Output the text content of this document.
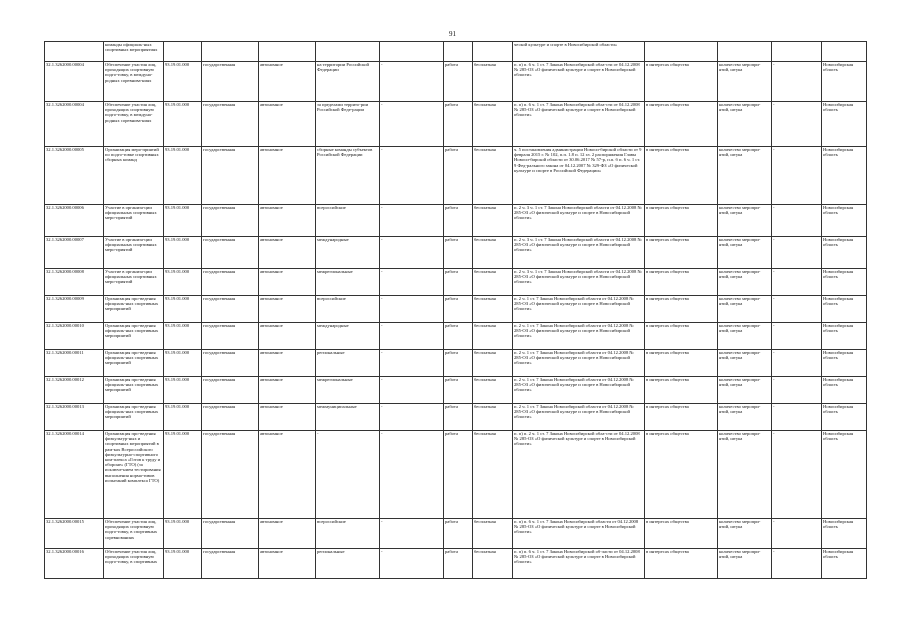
91
	команды официаль-ных спортивных мероприятиях								ческой культуре и спорте в Новосибирской области»				
32.1.3262000.00004	Обеспечение участия лиц, проходящих спортивную подго-товку, в междуна-родных соревнова-ниях	93.19.01.000	государственная	автономное	на территории Российской Федерации	-	работа	бесплатная	п. п) п. 6 ч. 1 ст. 7 Закона Новосибирской обла-сти от 04.12.2008 № 285-ОЗ «О физической культуре и спорте в Новосибирской области»	в интересах общества	количество меропри-ятий, штука	-	Новосибирская область
32.1.3262000.00004	Обеспечение участия лиц, проходящих спортивную подго-товку, в междуна-родных соревнова-ниях	93.19.01.000	государственная	автономное	за пределами террито-рии Российской Феде-рации	-	работа	бесплатная	п. п) п. 6 ч. 1 ст. 7 Закона Новосибирской обла-сти от 04.12.2008 № 285-ОЗ «О физической культуре и спорте в Новосибирской области»	в интересах общества	количество меропри-ятий, штука	-	Новосибирская область
32.1.3262000.00005	Организация меро-приятий по подго-товке спортивных сборных команд	93.19.01.000	государственная	автономное	сборные команды субъектов Российской Федерации	-	работа	бесплатная	ч. 5 постановления администрации Новоси-бирской области от 9 февраля 2015 г. № 102, п.п. 1.8 п. 12 гл. 2 распоряжения Главы Новоси-бирской области от 30.06.2017 № 57-р, п.п. б п. 6 ч. 1 ст. 9 Фед-рального закона от 04.12.2007 № 329-ФЗ «О физической культуре и спорте в Российской Федерации»	в интересах общества	количество меропри-ятий, штука	-	Новосибирская область
32.1.3262000.00006	Участие в организа-ции официальных спортивных меро-приятий	93.19.01.000	государственная	автономное	всероссийские	-	работа	бесплатная	п. 2 ч. 3 ч. 1 ст. 7 Закона Новосибирской области от 04.12.2008 № 285-ОЗ «О физической культуре и спорте в Новосибирской области»	в интересах общества	количество меропри-ятий, штука	-	Новосибирская область
32.1.3262000.00007	Участие в организа-ции официальных спортивных меро-приятий	93.19.01.000	государственная	автономное	международные	-	работа	бесплатная	п. 2 ч. 3 ч. 1 ст. 7 Закона Новосибирской области от 04.12.2008 № 285-ОЗ «О физической культуре и спорте в Новосибирской области»	в интересах общества	количество меропри-ятий, штука	-	Новосибирская область
32.1.3262000.00008	Участие в организа-ции официальных спортивных меро-приятий	93.19.01.000	государственная	автономное	межрегиональные	-	работа	бесплатная	п. 2 ч. 3 ч. 1 ст. 7 Закона Новосибирской области от 04.12.2008 № 285-ОЗ «О физической культуре и спорте в Новосибирской области»	в интересах общества	количество меропри-ятий, штука	-	Новосибирская область
32.1.3262000.00009	Организация про-ведения официаль-ных спортивных мероприятий	93.19.01.000	государственная	автономное	всероссийские	-	работа	бесплатная	п. 2 ч. 1 ст. 7 Закона Новосибирской области от 04.12.2008 № 285-ОЗ «О физической культуре и спорте в Новосибирской области»	в интересах общества	количество меропри-ятий, штука	-	Новосибирская область
32.1.3262000.00010	Организация про-ведения официаль-ных спортивных мероприятий	93.19.01.000	государственная	автономное	международные	-	работа	бесплатная	п. 2 ч. 1 ст. 7 Закона Новосибирской области от 04.12.2008 № 285-ОЗ «О физической культуре и спорте в Новосибирской области»	в интересах общества	количество меропри-ятий, штука	-	Новосибирская область
32.1.3262000.00011	Организация про-ведения официаль-ных спортивных мероприятий	93.19.01.000	государственная	автономное	региональные	-	работа	бесплатная	п. 2 ч. 1 ст. 7 Закона Новосибирской области от 04.12.2008 № 285-ОЗ «О физической культуре и спорте в Новосибирской области»	в интересах общества	количество меропри-ятий, штука	-	Новосибирская область
32.1.3262000.00012	Организация про-ведения официаль-ных спортивных мероприятий	93.19.01.000	государственная	автономное	межрегиональные	-	работа	бесплатная	п. 2 ч. 1 ст. 7 Закона Новосибирской области от 04.12.2008 № 285-ОЗ «О физической культуре и спорте в Новосибирской области»	в интересах общества	количество меропри-ятий, штука	-	Новосибирская область
32.1.3262000.00013	Организация про-ведения официаль-ных спортивных мероприятий	93.19.01.000	государственная	автономное	межмуниципальные	-	работа	бесплатная	п. 2 ч. 1 ст. 7 Закона Новосибирской области от 04.12.2008 № 285-ОЗ «О физической культуре и спорте в Новосибирской области»	в интересах общества	количество меропри-ятий, штука	-	Новосибирская область
32.1.3262000.00014	Организация про-ведения физкультур-ных и спортивных мероприятий в рам-ках Всероссийского физкультурно-спортивного ком-плекса «Готов к труду и обороне» (ГТО) (за исключе-нием тестирования выполнения норма-тивов испытаний комплекса ГТО)	93.19.01.000	государственная	автономное	-	-	работа	бесплатная	п. п) п. 2 ч. 1 ст. 7 Закона Новосибирской обла-сти от 04.12.2008 № 285-ОЗ «О физической культуре и спорте в Новосибирской области»	в интересах общества	количество меропри-ятий, штука	-	Новосибирская область
32.1.3262000.00015	Обеспечение участия лиц, проходящих спортивную подго-товку, в спортивных соревнованиях	93.19.01.000	государственная	автономное	всероссийские	-	работа	бесплатная	п. п) п. 6 ч. 1 ст. 7 Закона Новосибирской области от 04.12.2008 № 285-ОЗ «О физической культуре и спорте в Новосибирской области»	в интересах общества	количество меропри-ятий, штука	-	Новосибирская область
32.1.3262000.00016	Обеспечение участия лиц, проходящих спортивную подго-товку, в спортивных	93.19.01.000	государственная	автономное	региональные	-	работа	бесплатная	п. п) п. 6 ч. 1 ст. 7 Закона Новосибирской об-ласти от 04.12.2008 № 285-ОЗ «О физической культуре и спорте в Новосибирской области»	в интересах общества	количество меропри-ятий, штука	-	Новосибирская область
